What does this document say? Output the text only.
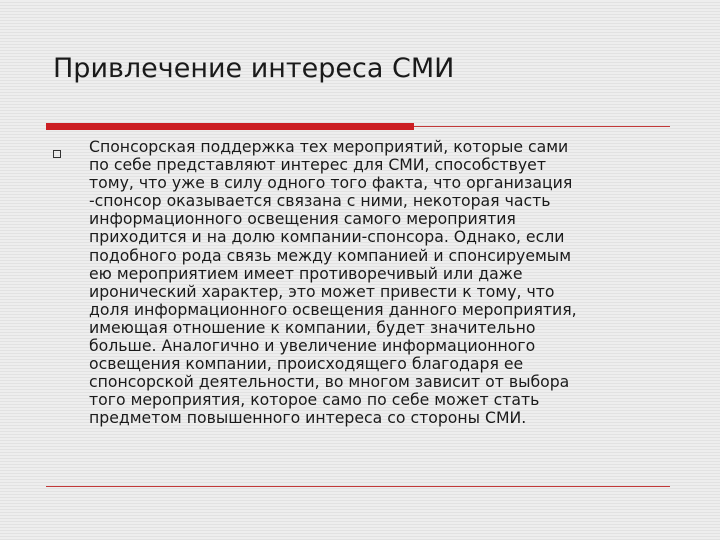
Привлечение интереса СМИ

Спонсорская поддержка тех мероприятий, которые сами
по себе представляют интерес для СМИ, способствует
тому, что уже в силу одного того факта, что организация
-спонсор оказывается связана с ними, некоторая часть
информационного освещения самого мероприятия
приходится и на долю компании-спонсора. Однако, если
подобного рода связь между компанией и спонсируемым
ею мероприятием имеет противоречивый или даже
иронический характер, это может привести к тому, что
доля информационного освещения данного мероприятия,
имеющая отношение к компании, будет значительно
больше. Аналогично и увеличение информационного
освещения компании, происходящего благодаря ее
спонсорской деятельности, во многом зависит от выбора
того мероприятия, которое само по себе может стать
предметом повышенного интереса со стороны СМИ.
